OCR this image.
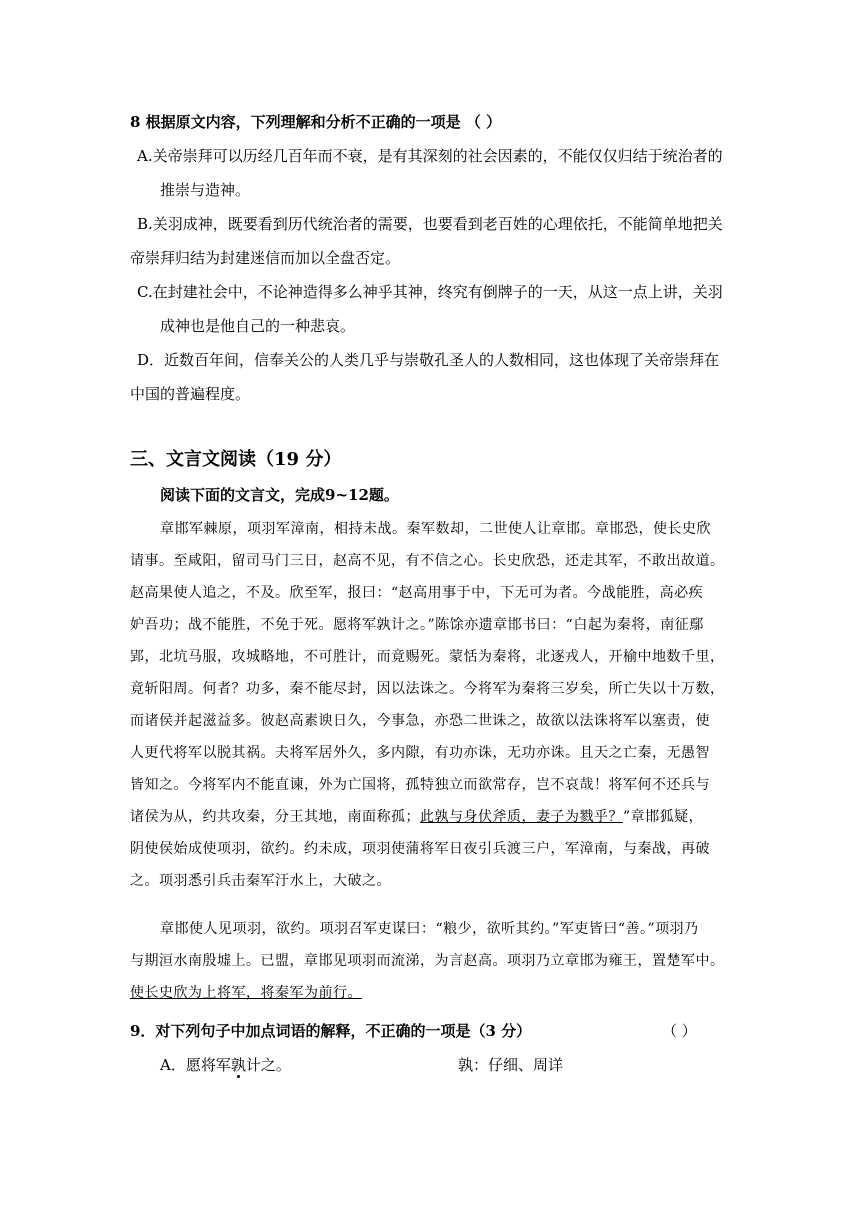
8 根据原文内容，下列理解和分析不正确的一项是 （ ）
A.关帝崇拜可以历经几百年而不衰，是有其深刻的社会因素的，不能仅仅归结于统治者的
推崇与造神。
B.关羽成神，既要看到历代统治者的需要，也要看到老百姓的心理依托，不能简单地把关
帝崇拜归结为封建迷信而加以全盘否定。
C.在封建社会中，不论神造得多么神乎其神，终究有倒牌子的一天，从这一点上讲，关羽
成神也是他自己的一种悲哀。
D．近数百年间，信奉关公的人类几乎与崇敬孔圣人的人数相同，这也体现了关帝崇拜在
中国的普遍程度。
三、文言文阅读（19 分）
阅读下面的文言文，完成9~12题。
章邯军棘原，项羽军漳南，相持未战。秦军数却，二世使人让章邯。章邯恐，使长史欣
请事。至咸阳，留司马门三日，赵高不见，有不信之心。长史欣恐，还走其军，不敢出故道。
赵高果使人追之，不及。欣至军，报曰：“赵高用事于中，下无可为者。今战能胜，高必疾
妒吾功；战不能胜，不免于死。愿将军孰计之。”陈馀亦遗章邯书曰：“白起为秦将，南征鄢
郢，北坑马服，攻城略地，不可胜计，而竟赐死。蒙恬为秦将，北逐戎人，开榆中地数千里，
竟斩阳周。何者？功多，秦不能尽封，因以法诛之。今将军为秦将三岁矣，所亡失以十万数，
而诸侯并起滋益多。彼赵高素谀日久，今事急，亦恐二世诛之，故欲以法诛将军以塞责，使
人更代将军以脱其祸。夫将军居外久，多内隙，有功亦诛，无功亦诛。且天之亡秦，无愚智
皆知之。今将军内不能直谏，外为亡国将，孤特独立而欲常存，岂不哀哉！将军何不还兵与
诸侯为从，约共攻秦，分王其地，南面称孤；此孰与身伏斧质，妻子为戮乎？”章邯狐疑，
阴使侯始成使项羽，欲约。约未成，项羽使蒲将军日夜引兵渡三户，军漳南，与秦战，再破
之。项羽悉引兵击秦军汙水上，大破之。
章邯使人见项羽，欲约。项羽召军吏谋曰：“粮少，欲听其约。”军吏皆曰“善。”项羽乃
与期洹水南殷墟上。已盟，章邯见项羽而流涕，为言赵高。项羽乃立章邯为雍王，置楚军中。
使长史欣为上将军，将秦军为前行。
9．对下列句子中加点词语的解释，不正确的一项是（3 分）	（ ）
A．愿将军孰计之。	孰：仔细、周详
